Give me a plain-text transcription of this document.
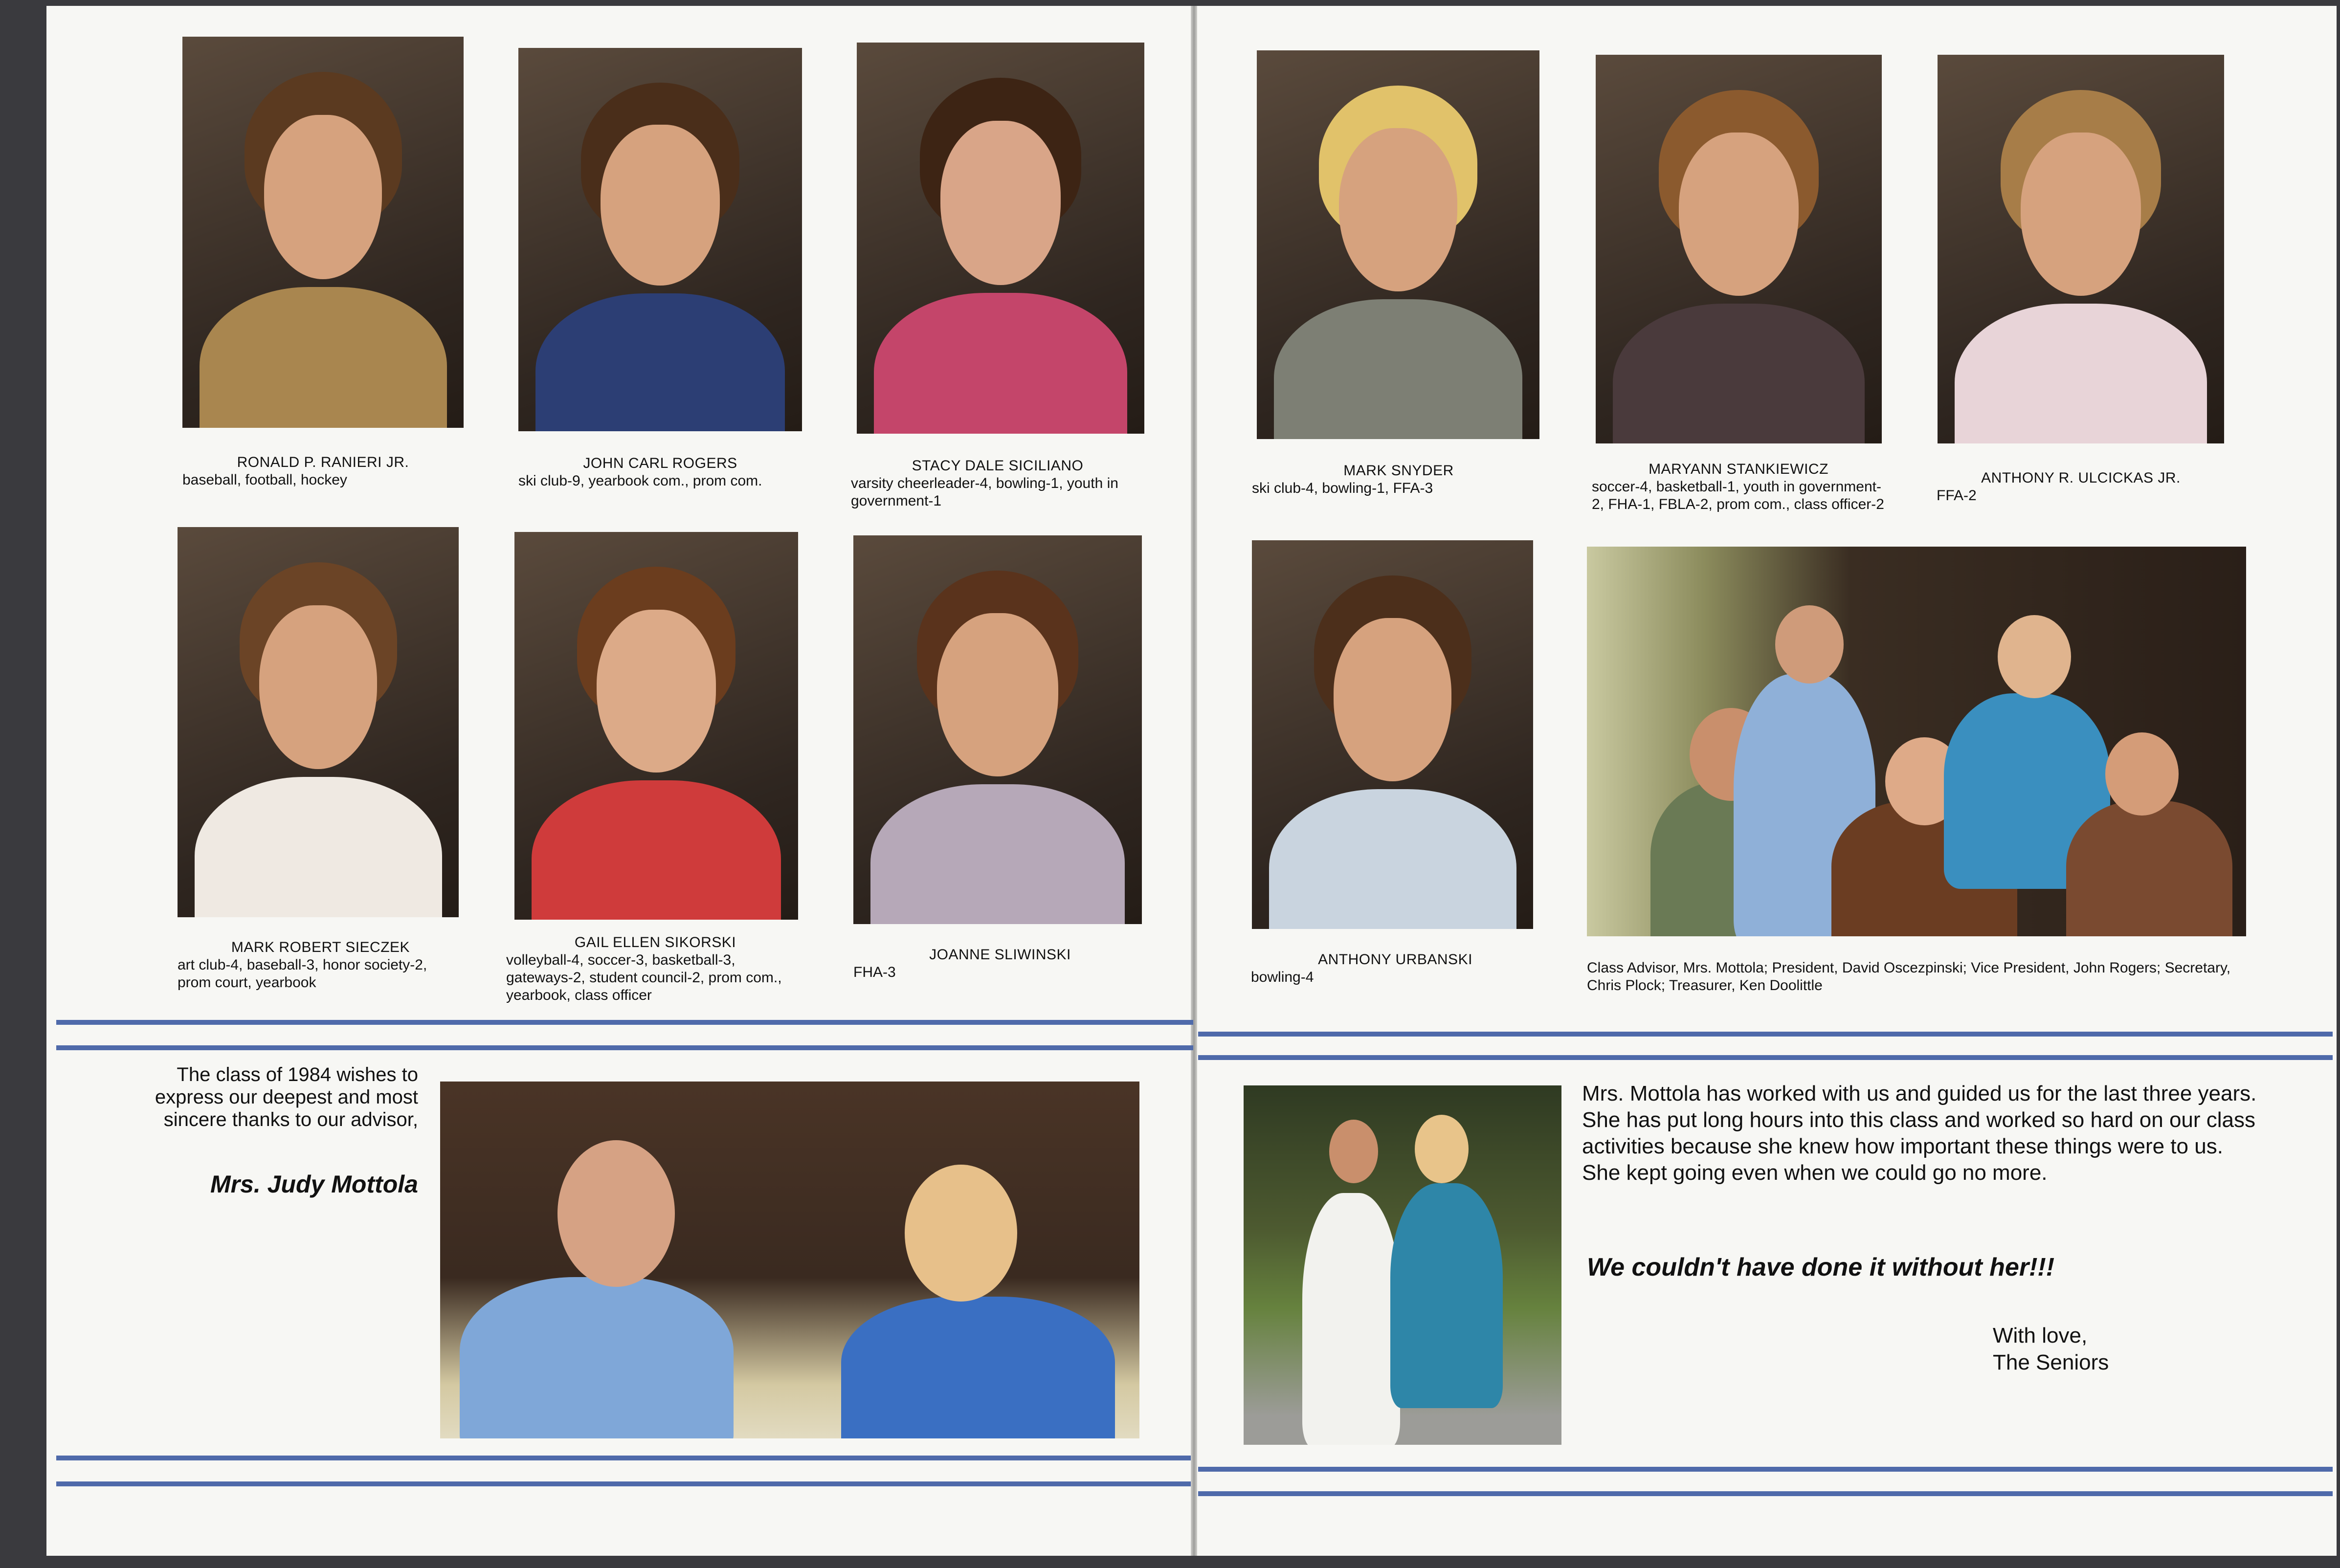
RONALD P. RANIERI JR.
baseball, football, hockey
JOHN CARL ROGERS
ski club-9, yearbook com., prom com.
STACY DALE SICILIANO
varsity cheerleader-4, bowling-1, youth in government-1
MARK SNYDER
ski club-4, bowling-1, FFA-3
MARYANN STANKIEWICZ
soccer-4, basketball-1, youth in government-2, FHA-1, FBLA-2, prom com., class officer-2
ANTHONY R. ULCICKAS JR.
FFA-2
MARK ROBERT SIECZEK
art club-4, baseball-3, honor society-2, prom court, yearbook
GAIL ELLEN SIKORSKI
volleyball-4, soccer-3, basketball-3, gateways-2, student council-2, prom com., yearbook, class officer
JOANNE SLIWINSKI
FHA-3
ANTHONY URBANSKI
bowling-4
Class Advisor, Mrs. Mottola; President, David Oscezpinski; Vice President, John Rogers; Secretary, Chris Plock; Treasurer, Ken Doolittle
The class of 1984 wishes to express our deepest and most sincere thanks to our advisor,
Mrs. Judy Mottola
Mrs. Mottola has worked with us and guided us for the last three years. She has put long hours into this class and worked so hard on our class activities because she knew how important these things were to us. She kept going even when we could go no more.
We couldn't have done it without her!!!
With love,
The Seniors
